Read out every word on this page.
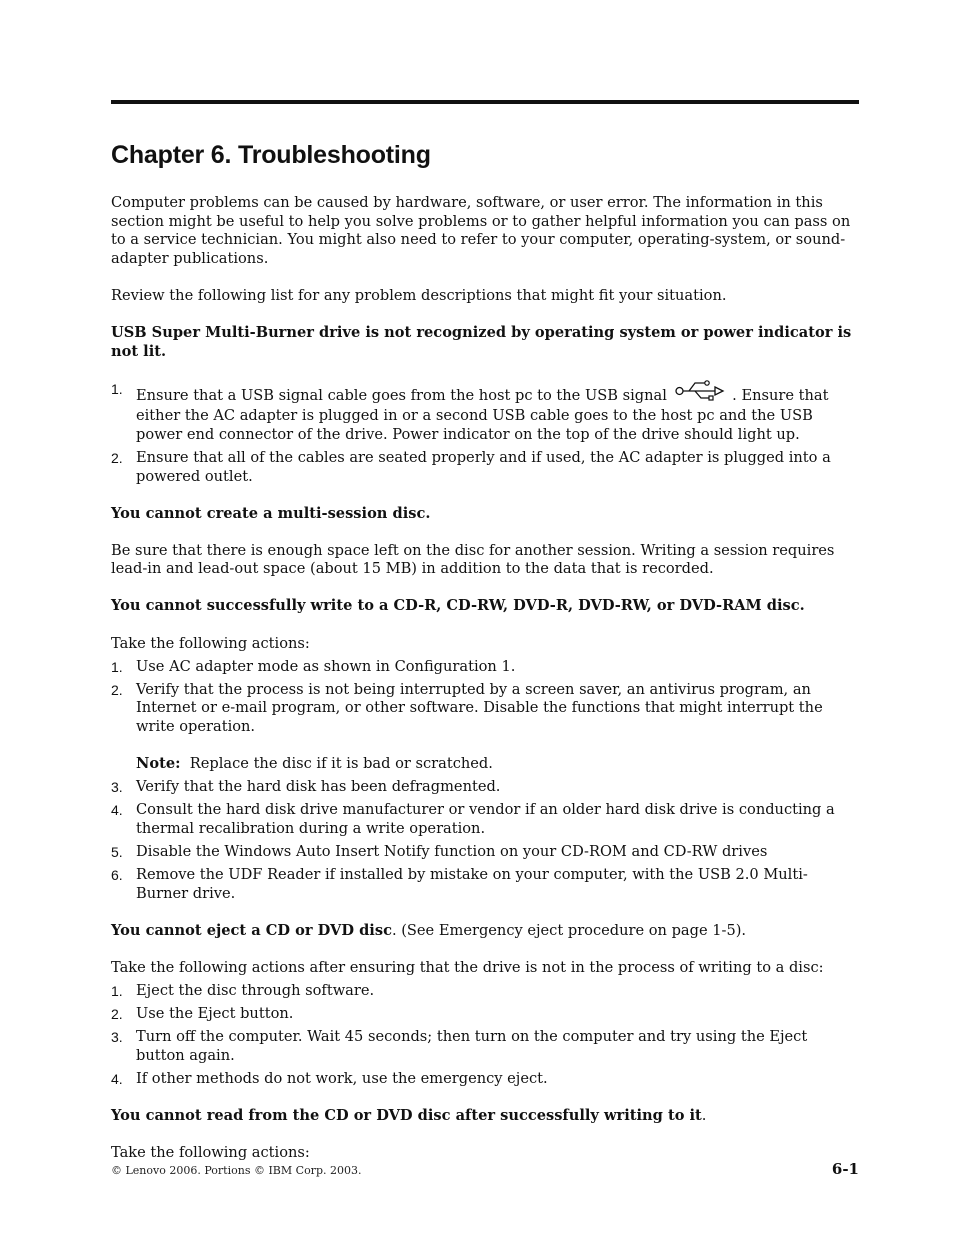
Chapter 6. Troubleshooting

Computer problems can be caused by hardware, software, or user error. The information in this section might be useful to help you solve problems or to gather helpful information you can pass on to a service technician. You might also need to refer to your computer, operating-system, or sound-adapter publications.

Review the following list for any problem descriptions that might fit your situation.

USB Super Multi-Burner drive is not recognized by operating system or power indicator is not lit.

1. Ensure that a USB signal cable goes from the host pc to the USB signal	. Ensure that either the AC adapter is plugged in or a second USB cable goes to the host pc and the USB power end connector of the drive. Power indicator on the top of the drive should light up.
2. Ensure that all of the cables are seated properly and if used, the AC adapter is plugged into a powered outlet.

You cannot create a multi-session disc.

Be sure that there is enough space left on the disc for another session. Writing a session requires lead-in and lead-out space (about 15 MB) in addition to the data that is recorded.

You cannot successfully write to a CD-R, CD-RW, DVD-R, DVD-RW, or DVD-RAM disc.

Take the following actions:

1. Use AC adapter mode as shown in Configuration 1.
2. Verify that the process is not being interrupted by a screen saver, an antivirus program, an Internet or e-mail program, or other software. Disable the functions that might interrupt the write operation.

Note: Replace the disc if it is bad or scratched.

3. Verify that the hard disk has been defragmented.
4. Consult the hard disk drive manufacturer or vendor if an older hard disk drive is conducting a thermal recalibration during a write operation.
5. Disable the Windows Auto Insert Notify function on your CD-ROM and CD-RW drives
6. Remove the UDF Reader if installed by mistake on your computer, with the USB 2.0 Multi-Burner drive.

You cannot eject a CD or DVD disc. (See Emergency eject procedure on page 1-5).

Take the following actions after ensuring that the drive is not in the process of writing to a disc:

1. Eject the disc through software.
2. Use the Eject button.
3. Turn off the computer. Wait 45 seconds; then turn on the computer and try using the Eject button again.
4. If other methods do not work, use the emergency eject.

You cannot read from the CD or DVD disc after successfully writing to it.

Take the following actions:

© Lenovo 2006. Portions © IBM Corp. 2003.	6-1
